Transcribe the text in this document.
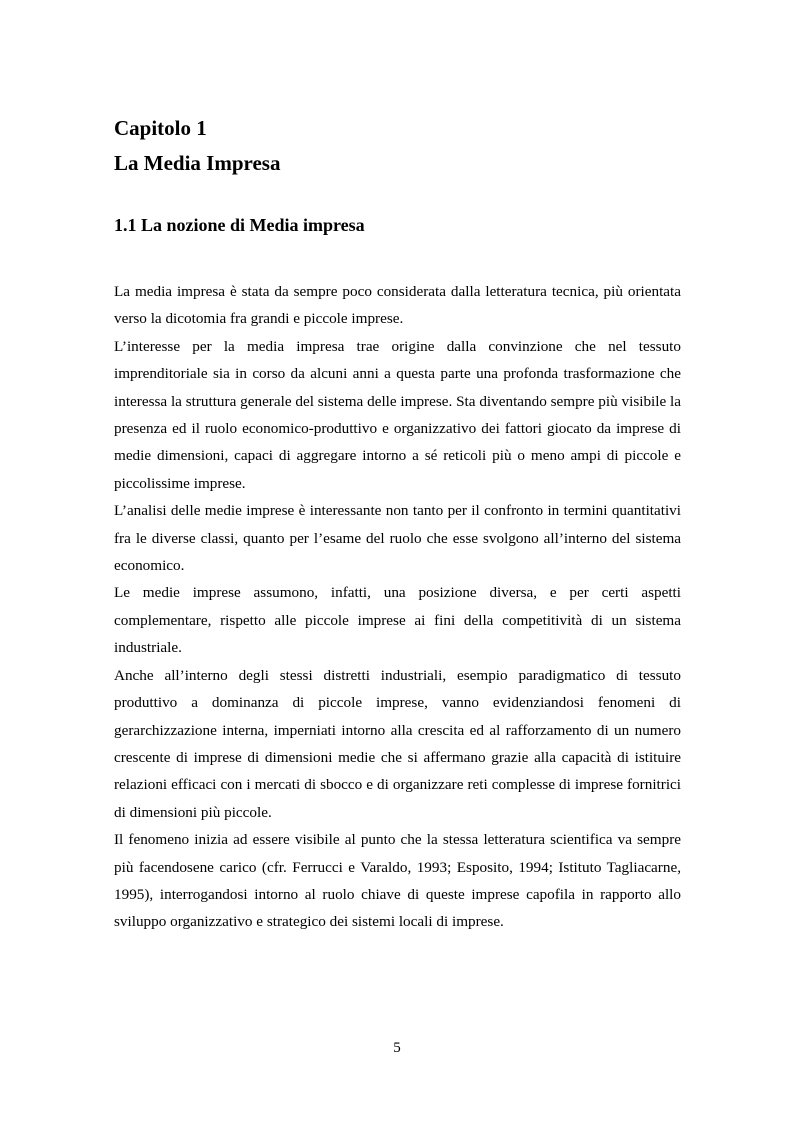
Capitolo 1
La Media Impresa
1.1 La nozione di Media impresa

La media impresa è stata da sempre poco considerata dalla letteratura tecnica, più orientata verso la dicotomia fra grandi e piccole imprese.

L’interesse per la media impresa trae origine dalla convinzione che nel tessuto imprenditoriale sia in corso da alcuni anni a questa parte una profonda trasformazione che interessa la struttura generale del sistema delle imprese. Sta diventando sempre più visibile la presenza ed il ruolo economico-produttivo e organizzativo dei fattori giocato da imprese di medie dimensioni, capaci di aggregare intorno a sé reticoli più o meno ampi di piccole e piccolissime imprese.

L’analisi delle medie imprese è interessante non tanto per il confronto in termini quantitativi fra le diverse classi, quanto per l’esame del ruolo che esse svolgono all’interno del sistema economico.

Le medie imprese assumono, infatti, una posizione diversa, e per certi aspetti complementare, rispetto alle piccole imprese ai fini della competitività di un sistema industriale.

Anche all’interno degli stessi distretti industriali, esempio paradigmatico di tessuto produttivo a dominanza di piccole imprese, vanno evidenziandosi fenomeni di gerarchizzazione interna, imperniati intorno alla crescita ed al rafforzamento di un numero crescente di imprese di dimensioni medie che si affermano grazie alla capacità di istituire relazioni efficaci con i mercati di sbocco e di organizzare reti complesse di imprese fornitrici di dimensioni più piccole.

Il fenomeno inizia ad essere visibile al punto che la stessa letteratura scientifica va sempre più facendosene carico (cfr. Ferrucci e Varaldo, 1993; Esposito, 1994; Istituto Tagliacarne, 1995), interrogandosi intorno al ruolo chiave di queste imprese capofila in rapporto allo sviluppo organizzativo e strategico dei sistemi locali di imprese.

5
